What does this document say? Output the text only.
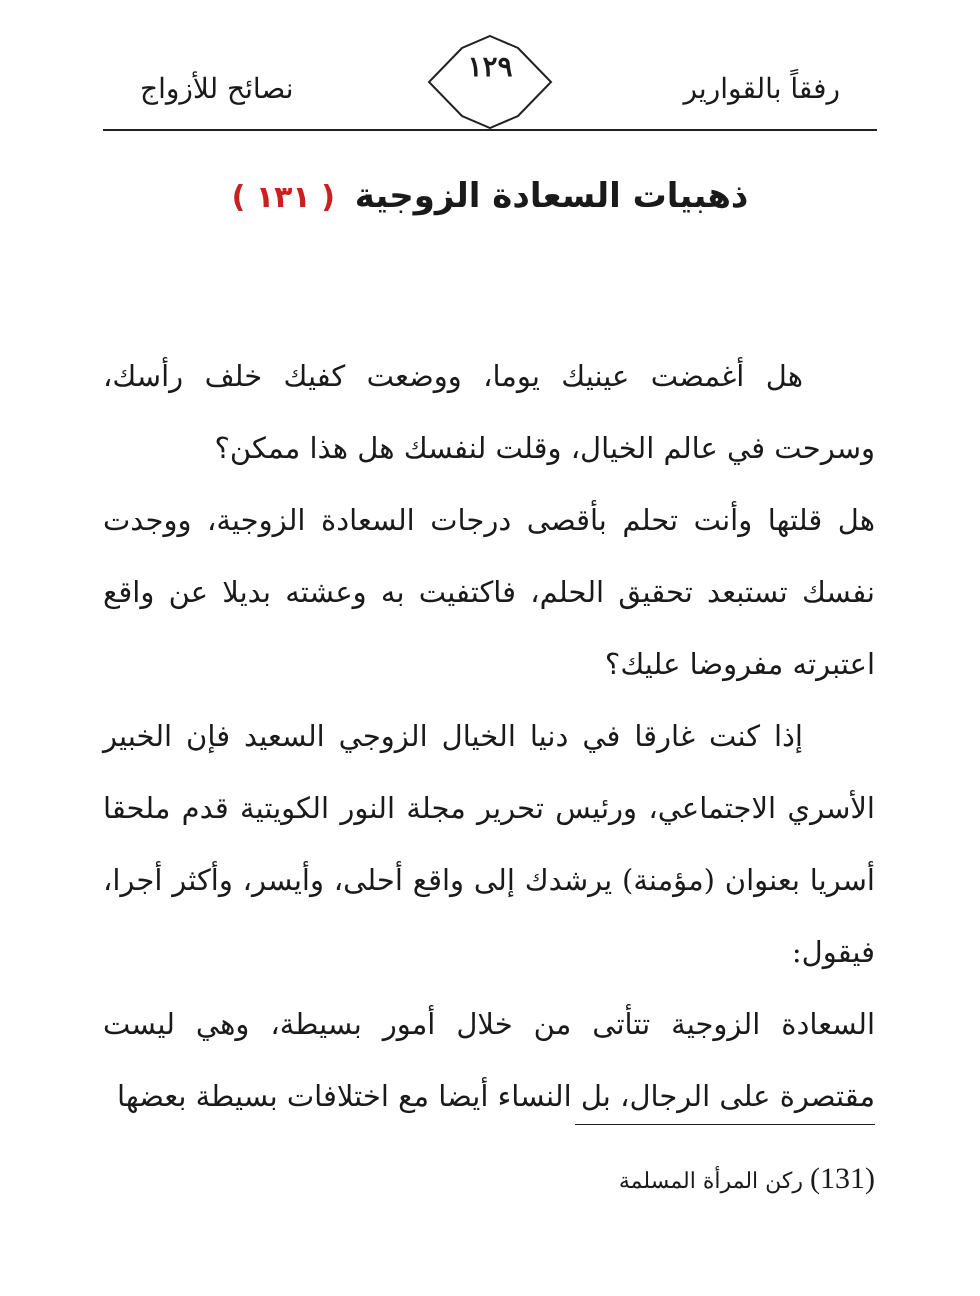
رفقاً بالقوارير
١٢٩
نصائح للأزواج
ذهبيات السعادة الزوجية ( ١٣١ )

هل أغمضت عينيك يوما، ووضعت كفيك خلف رأسك، وسرحت في عالم الخيال، وقلت لنفسك هل هذا ممكن؟

هل قلتها وأنت تحلم بأقصى درجات السعادة الزوجية، ووجدت نفسك تستبعد تحقيق الحلم، فاكتفيت به وعشته بديلا عن واقع اعتبرته مفروضا عليك؟

إذا كنت غارقا في دنيا الخيال الزوجي السعيد فإن الخبير الأسري الاجتماعي، ورئيس تحرير مجلة النور الكويتية قدم ملحقا أسريا بعنوان (مؤمنة) يرشدك إلى واقع أحلى، وأيسر، وأكثر أجرا، فيقول:

السعادة الزوجية تتأتى من خلال أمور بسيطة، وهي ليست مقتصرة على الرجال، بل النساء أيضا مع اختلافات بسيطة بعضها

(131) ركن المرأة المسلمة
